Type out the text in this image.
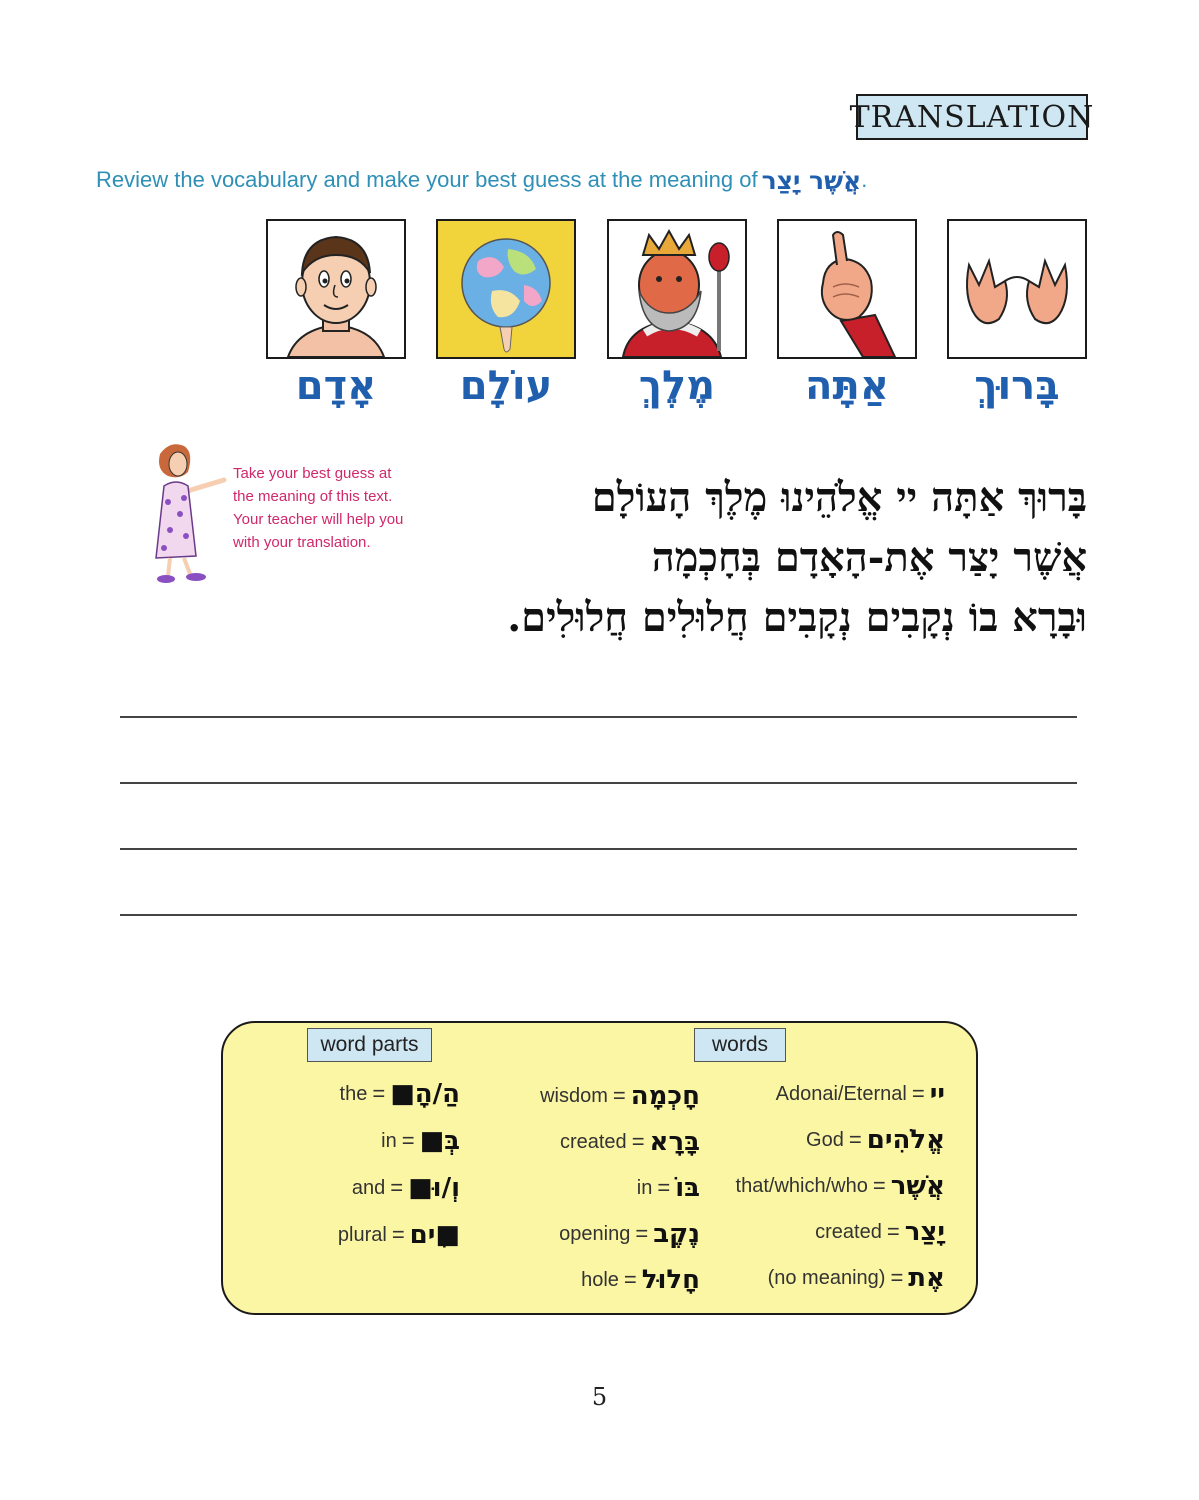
TRANSLATION
Review the vocabulary and make your best guess at the meaning of אֲשֶׁר יָצַר .
אָדָם	עוֹלָם	מֶלֶךְ	אַתָּה	בָּרוּךְ
Take your best guess at
the meaning of this text.
Your teacher will help you
with your translation.
בָּרוּךְ אַתָּה יי אֱלֹהֵינוּ מֶלֶךְ הָעוֹלָם
אֲשֶׁר יָצַר אֶת-הָאָדָם בְּחָכְמָה
וּבָרָא בוֹ נְקָבִים נְקָבִים חֲלוּלִים חֲלוּלִים.
word parts	words
the = הַ/הָ■
in = בְּ■
and = וְ/וּ■
plural = ■ִים
wisdom = חָכְמָה
created = בָּרָא
in = בּוֹ
opening = נֶקֶב
hole = חָלוּל
Adonai/Eternal = יי
God = אֱלֹהִים
that/which/who = אֲשֶׁר
created = יָצַר
(no meaning) = אֶת
5
